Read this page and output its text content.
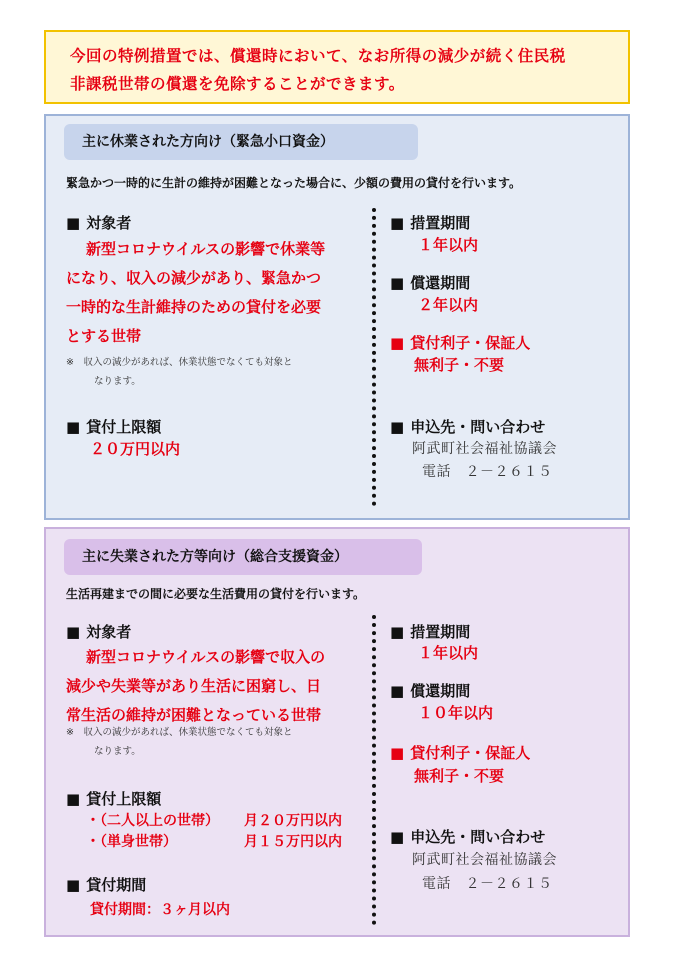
今回の特例措置では、償還時において、なお所得の減少が続く住民税
非課税世帯の償還を免除することができます。
主に休業された方向け（緊急小口資金）
緊急かつ一時的に生計の維持が困難となった場合に、少額の費用の貸付を行います。
■ 対象者
新型コロナウイルスの影響で休業等
になり、収入の減少があり、緊急かつ
一時的な生計維持のための貸付を必要
とする世帯
※　収入の減少があれば、休業状態でなくても対象と
なります。
■ 貸付上限額
２０万円以内
■ 措置期間
１年以内
■ 償還期間
２年以内
■ 貸付利子・保証人
無利子・不要
■ 申込先・問い合わせ
阿武町社会福祉協議会
電話　２－２６１５
主に失業された方等向け（総合支援資金）
生活再建までの間に必要な生活費用の貸付を行います。
■ 対象者
新型コロナウイルスの影響で収入の
減少や失業等があり生活に困窮し、日
常生活の維持が困難となっている世帯
※　収入の減少があれば、休業状態でなくても対象と
なります。
■ 貸付上限額
・（二人以上の世帯） 月２０万円以内
・（単身世帯）	月１５万円以内
■ 貸付期間
貸付期間：３ヶ月以内
■ 措置期間
１年以内
■ 償還期間
１０年以内
■ 貸付利子・保証人
無利子・不要
■ 申込先・問い合わせ
阿武町社会福祉協議会
電話　２－２６１５
